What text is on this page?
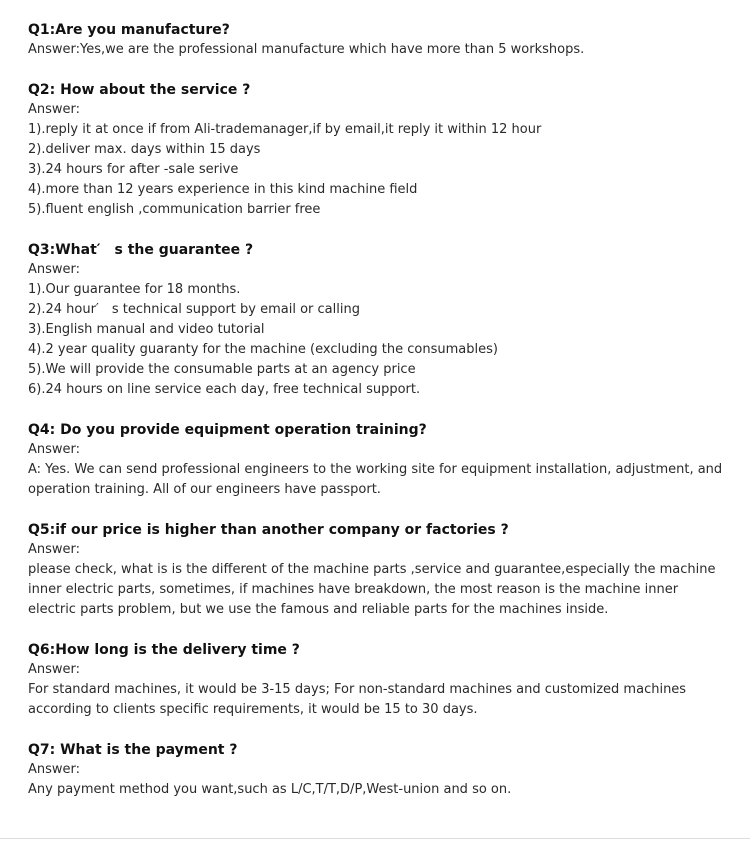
Q1:Are you manufacture?

Answer:Yes,we are the professional manufacture which have more than 5 workshops.

Q2: How about the service ?

Answer:

1).reply it at once if from Ali-trademanager,if by email,it reply it within 12 hour

2).deliver max. days within 15 days

3).24 hours for after -sale serive

4).more than 12 years experience in this kind machine field

5).fluent english ,communication barrier free

Q3:What′　s the guarantee ?

Answer:

1).Our guarantee for 18 months.

2).24 hour′　s technical support by email or calling

3).English manual and video tutorial

4).2 year quality guaranty for the machine (excluding the consumables)

5).We will provide the consumable parts at an agency price

6).24 hours on line service each day, free technical support.

Q4: Do you provide equipment operation training?

Answer:

A: Yes. We can send professional engineers to the working site for equipment installation, adjustment, and operation training. All of our engineers have passport.

Q5:if our price is higher than another company or factories ?

Answer:

please check, what is is the different of the machine parts ,service and guarantee,especially the machine inner electric parts, sometimes, if machines have breakdown, the most reason is the machine inner electric parts problem, but we use the famous and reliable parts for the machines inside.

Q6:How long is the delivery time ?

Answer:

For standard machines, it would be 3-15 days; For non-standard machines and customized machines according to clients specific requirements, it would be 15 to 30 days.

Q7: What is the payment ?

Answer:

Any payment method you want,such as L/C,T/T,D/P,West-union and so on.
